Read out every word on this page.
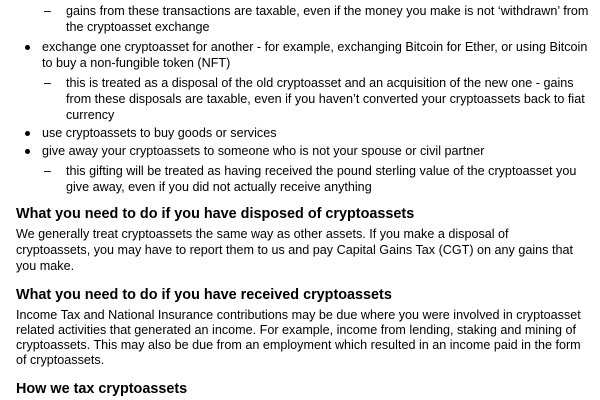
– gains from these transactions are taxable, even if the money you make is not ‘withdrawn’ from
the cryptoasset exchange
exchange one cryptoasset for another - for example, exchanging Bitcoin for Ether, or using Bitcoin
to buy a non-fungible token (NFT)
– this is treated as a disposal of the old cryptoasset and an acquisition of the new one - gains
from these disposals are taxable, even if you haven’t converted your cryptoassets back to fiat
currency
use cryptoassets to buy goods or services
give away your cryptoassets to someone who is not your spouse or civil partner
– this gifting will be treated as having received the pound sterling value of the cryptoasset you
give away, even if you did not actually receive anything
What you need to do if you have disposed of cryptoassets
We generally treat cryptoassets the same way as other assets. If you make a disposal of
cryptoassets, you may have to report them to us and pay Capital Gains Tax (CGT) on any gains that
you make.
What you need to do if you have received cryptoassets
Income Tax and National Insurance contributions may be due where you were involved in cryptoasset
related activities that generated an income. For example, income from lending, staking and mining of
cryptoassets. This may also be due from an employment which resulted in an income paid in the form
of cryptoassets.
How we tax cryptoassets
